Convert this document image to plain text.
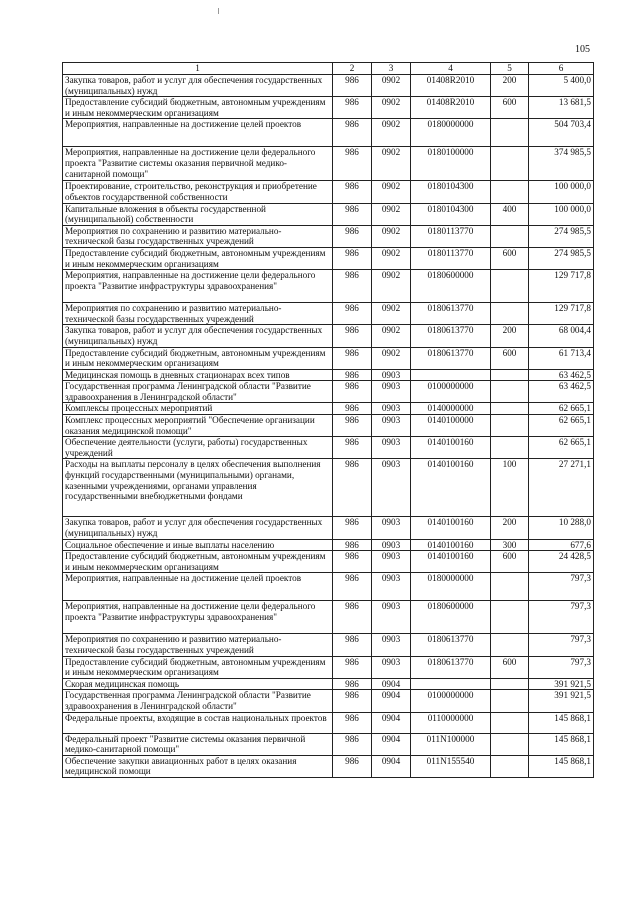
105
1	2	3	4	5	6
Закупка товаров, работ и услуг для обеспечения государственных (муниципальных) нужд	986	0902	01408R2010	200	5 400,0
Предоставление субсидий бюджетным, автономным учреждениям и иным некоммерческим организациям	986	0902	01408R2010	600	13 681,5
Мероприятия, направленные на достижение целей проектов	986	0902	0180000000		504 703,4
Мероприятия, направленные на достижение цели федерального проекта "Развитие системы оказания первичной медико-санитарной помощи"	986	0902	0180100000		374 985,5
Проектирование, строительство, реконструкция и приобретение объектов государственной собственности	986	0902	0180104300		100 000,0
Капитальные вложения в объекты государственной (муниципальной) собственности	986	0902	0180104300	400	100 000,0
Мероприятия по сохранению и развитию материально-технической базы государственных учреждений	986	0902	0180113770		274 985,5
Предоставление субсидий бюджетным, автономным учреждениям и иным некоммерческим организациям	986	0902	0180113770	600	274 985,5
Мероприятия, направленные на достижение цели федерального проекта "Развитие инфраструктуры здравоохранения"	986	0902	0180600000		129 717,8
Мероприятия по сохранению и развитию материально-технической базы государственных учреждений	986	0902	0180613770		129 717,8
Закупка товаров, работ и услуг для обеспечения государственных (муниципальных) нужд	986	0902	0180613770	200	68 004,4
Предоставление субсидий бюджетным, автономным учреждениям и иным некоммерческим организациям	986	0902	0180613770	600	61 713,4
Медицинская помощь в дневных стационарах всех типов	986	0903			63 462,5
Государственная программа Ленинградской области "Развитие здравоохранения в Ленинградской области"	986	0903	0100000000		63 462,5
Комплексы процессных мероприятий	986	0903	0140000000		62 665,1
Комплекс процессных мероприятий "Обеспечение организации оказания медицинской помощи"	986	0903	0140100000		62 665,1
Обеспечение деятельности (услуги, работы) государственных учреждений	986	0903	0140100160		62 665,1
Расходы на выплаты персоналу в целях обеспечения выполнения функций государственными (муниципальными) органами, казенными учреждениями, органами управления государственными внебюджетными фондами	986	0903	0140100160	100	27 271,1
Закупка товаров, работ и услуг для обеспечения государственных (муниципальных) нужд	986	0903	0140100160	200	10 288,0
Социальное обеспечение и иные выплаты населению	986	0903	0140100160	300	677,6
Предоставление субсидий бюджетным, автономным учреждениям и иным некоммерческим организациям	986	0903	0140100160	600	24 428,5
Мероприятия, направленные на достижение целей проектов	986	0903	0180000000		797,3
Мероприятия, направленные на достижение цели федерального проекта "Развитие инфраструктуры здравоохранения"	986	0903	0180600000		797,3
Мероприятия по сохранению и развитию материально-технической базы государственных учреждений	986	0903	0180613770		797,3
Предоставление субсидий бюджетным, автономным учреждениям и иным некоммерческим организациям	986	0903	0180613770	600	797,3
Скорая медицинская помощь	986	0904			391 921,5
Государственная программа Ленинградской области "Развитие здравоохранения в Ленинградской области"	986	0904	0100000000		391 921,5
Федеральные проекты, входящие в состав национальных проектов	986	0904	0110000000		145 868,1
Федеральный проект "Развитие системы оказания первичной медико-санитарной помощи"	986	0904	011N100000		145 868,1
Обеспечение закупки авиационных работ в целях оказания медицинской помощи	986	0904	011N155540		145 868,1
